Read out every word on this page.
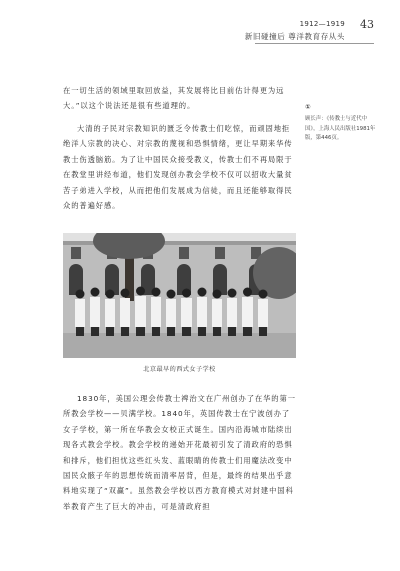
1912—1919 43
新旧碰撞后 尊洋教育存从头
在一切生活的领域里取回放益，其发展将比目前估计得更为远大。”以这个说法还是很有些道理的。
大清的子民对宗教知识的匮乏令传教士们吃惊，而顽固地拒绝洋人宗教的决心、对宗教的蔑视和恐惧情绪，更让早期来华传教士伤透脑筋。为了让中国民众接受教义，传教士们不再局限于在教堂里讲经布道，他们发现创办教会学校不仅可以招收大量贫苦子弟进入学校，从而把他们发展成为信徒，而且还能够取得民众的普遍好感。
①
顾长声：《传教士与近代中国》，上海人民出版社1981年版，第446页。
北京最早的西式女子学校
1830年，美国公理会传教士裨治文在广州创办了在华的第一所教会学校——贝满学校。1840年，英国传教士在宁波创办了女子学校，第一所在华教会女校正式诞生。国内沿海城市陆续出现各式教会学校。教会学校的递始开花最初引发了清政府的恐惧和排斥，他们担忧这些红头发、蓝眼睛的传教士们用魔法改变中国民众骸子年的思想传统而清率居背，但是，最终的结果出乎意料地实现了“双赢”。虽然教会学校以西方教育模式对封建中国科举教育产生了巨大的冲击，可是清政府担
